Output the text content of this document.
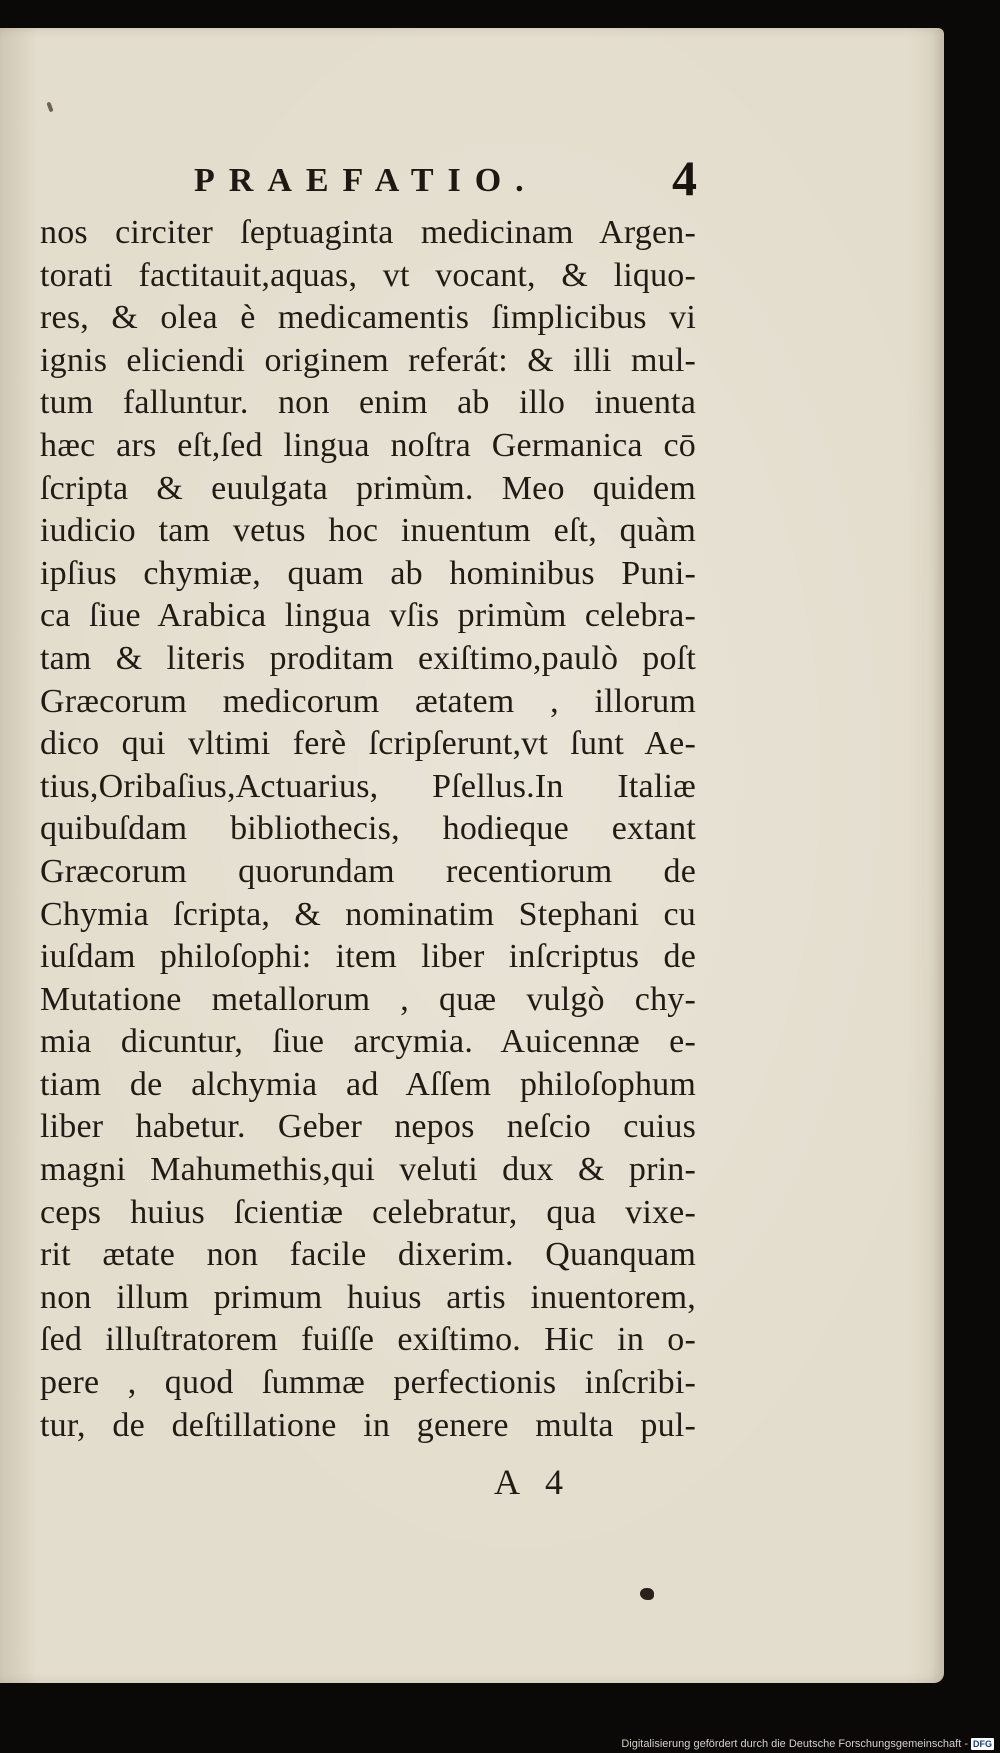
PRAEFATIO.	4
nos circiter ſeptuaginta medicinam Argen-
torati factitauit,aquas, vt vocant, & liquo-
res, & olea è medicamentis ſimplicibus vi
ignis eliciendi originem referát: & illi mul-
tum falluntur. non enim ab illo inuenta
hæc ars eſt,ſed lingua noſtra Germanica cō
ſcripta & euulgata primùm. Meo quidem
iudicio tam vetus hoc inuentum eſt, quàm
ipſius chymiæ, quam ab hominibus Puni-
ca ſiue Arabica lingua vſis primùm celebra-
tam & literis proditam exiſtimo,paulò poſt
Græcorum medicorum ætatem , illorum
dico qui vltimi ferè ſcripſerunt,vt ſunt Ae-
tius,Oribaſius,Actuarius, Pſellus.In Italiæ
quibuſdam bibliothecis, hodieque extant
Græcorum quorundam recentiorum de
Chymia ſcripta, & nominatim Stephani cu
iuſdam philoſophi: item liber inſcriptus de
Mutatione metallorum , quæ vulgò chy-
mia dicuntur, ſiue arcymia. Auicennæ e-
tiam de alchymia ad Aſſem philoſophum
liber habetur. Geber nepos neſcio cuius
magni Mahumethis,qui veluti dux & prin-
ceps huius ſcientiæ celebratur, qua vixe-
rit ætate non facile dixerim. Quanquam
non illum primum huius artis inuentorem,
ſed illuſtratorem fuiſſe exiſtimo. Hic in o-
pere , quod ſummæ perfectionis inſcribi-
tur, de deſtillatione in genere multa pul-
A 4
Digitalisierung gefördert durch die Deutsche Forschungsgemeinschaft - DFG
